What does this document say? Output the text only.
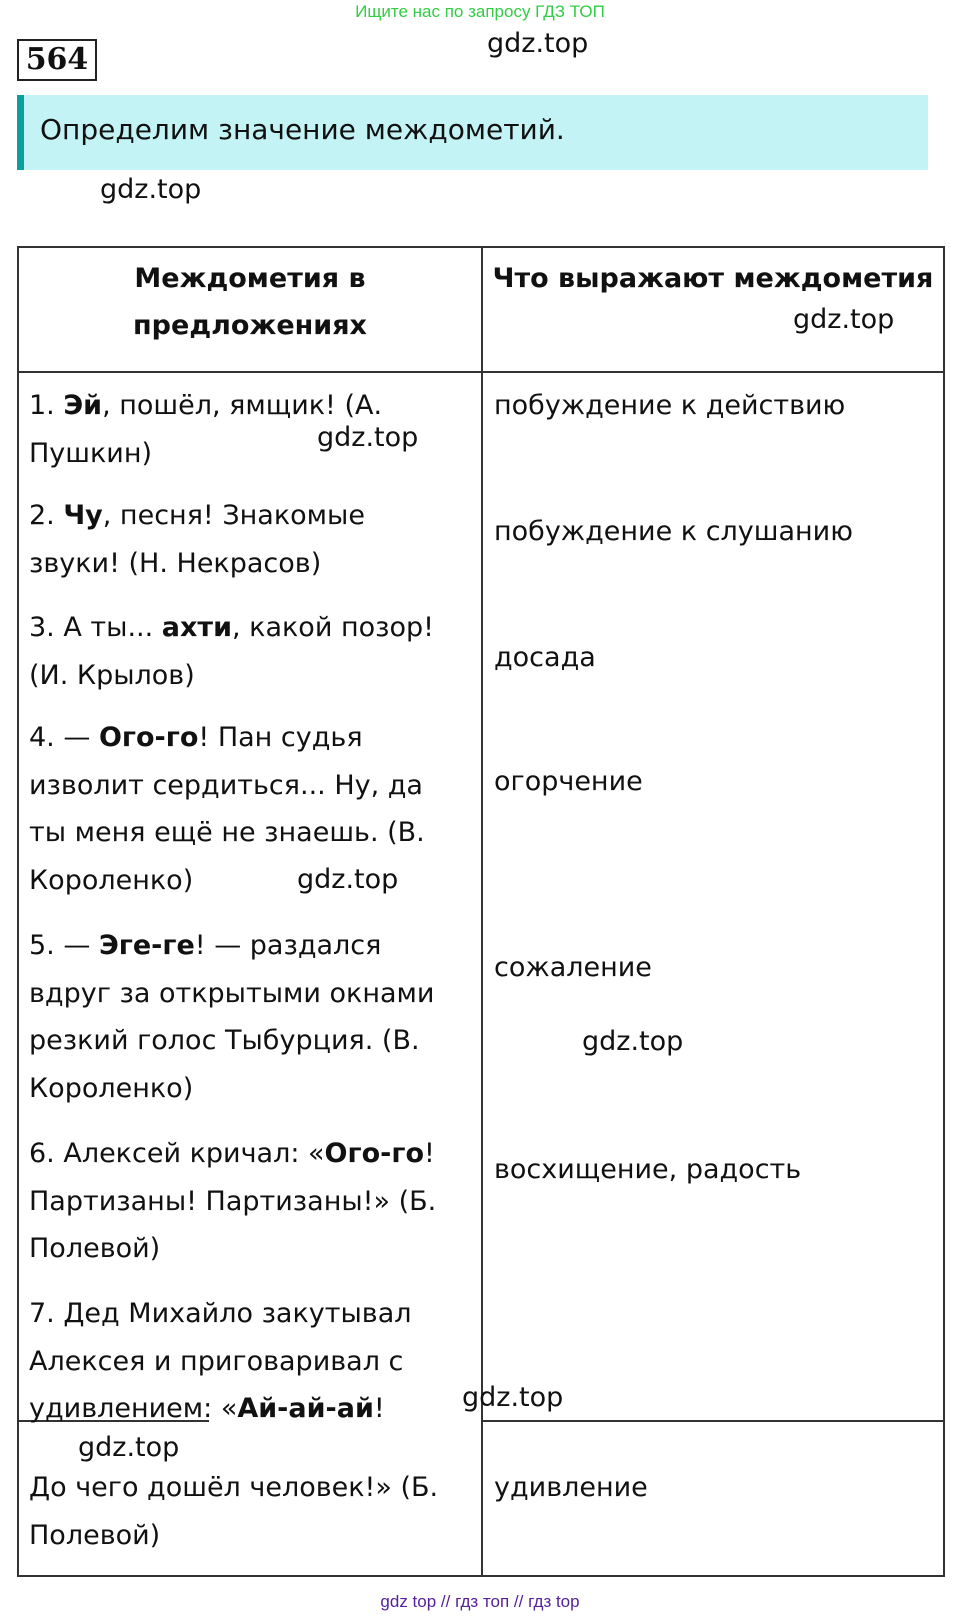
Ищите нас по запросу ГДЗ ТОП
564	gdz.top
Определим значение междометий.
gdz.top
Междометия в
предложениях
Что выражают междометия
1. Эй, пошёл, ямщик! (А.
Пушкин)
побуждение к действию
2. Чу, песня! Знакомые
звуки! (Н. Некрасов)
побуждение к слушанию
3. А ты... ахти, какой позор!
(И. Крылов)
досада
4. — Ого-го! Пан судья
изволит сердиться... Ну, да
ты меня ещё не знаешь. (В.
Короленко)
огорчение
5. — Эге-ге! — раздался
вдруг за открытыми окнами
резкий голос Тыбурция. (В.
Короленко)
сожаление
6. Алексей кричал: «Ого-го!
Партизаны! Партизаны!» (Б.
Полевой)
восхищение, радость
7. Дед Михайло закутывал
Алексея и приговаривал с
удивлением: «Ай-ай-ай!
До чего дошёл человек!» (Б.
Полевой)
удивление
gdz.top
gdz.top
gdz.top
gdz.top
gdz.top
gdz.top
gdz top // гдз топ // гдз top
